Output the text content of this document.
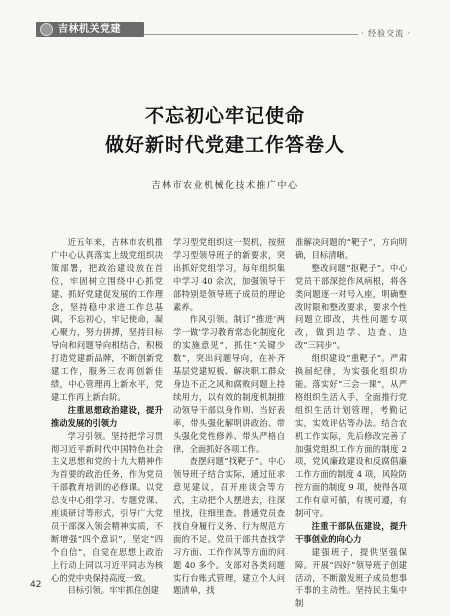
吉林机关党建	· 经验交流 ·
不忘初心牢记使命
做好新时代党建工作答卷人
吉林市农业机械化技术推广中心

近五年来，吉林市农机推广中心认真落实上级党组织决策部署，把政治建设放在首位，牢固树立围绕中心抓党建、抓好党建促发展的工作理念，坚持稳中求进工作总基调，不忘初心，牢记使命，凝心聚力，努力拼搏，坚持目标导向和问题导向相结合，积极打造党建新品牌，不断创新党建工作，服务三农再创新佳绩，中心管理再上新水平，党建工作再上新台阶。

注重思想政治建设，提升推动发展的引领力

学习引领。坚持把学习贯彻习近平新时代中国特色社会主义思想和党的十九大精神作为首要的政治任务，作为党员干部教育培训的必修课。以党总支中心组学习、专题党课、座谈研讨等形式，引导广大党员干部深入领会精神实质，不断增强“四个意识”，坚定“四个自信”，自觉在思想上政治上行动上同以习近平同志为核心的党中央保持高度一致。

目标引领。牢牢抓住创建

学习型党组织这一契机，按照学习型领导班子的新要求，突出抓好党组学习，每年组织集中学习 40 余次，加强领导干部特别是领导班子成员的理论素养。

作风引领。制订“推进‘两学一做’学习教育常态化制度化的实施意见”，抓住“关键少数”，突出问题导向，在补齐基层党建短板、解决职工群众身边不正之风和腐败问题上持续用力，以有效的制度机制推动领导干部以身作则、当好表率，带头强化解明讲政治、带头强化党性修养、带头严格自律，全面抓好各项工作。

查摆问题“找靶子”。中心领导班子结合实际，通过征求意见建议，召开座谈会等方式，主动把个人摆进去，往深里找，往细里查。普通党员查找自身履行义务、行为规范方面的不足。党员干部共查找学习方面、工作作风等方面的问题 40 多个。支部对各类问题实行台账式管理，建立个人问题清单，找

准解决问题的“靶子”，方向明确，目标清晰。

整改问题“抠靶子”。中心党员干部深挖作风病根，将各类问题逐一对号入座，明确整改时限和整改要求，要求个性问题立即改，共性问题专项改，做到边学、边查、边改“三同步”。

组织建设“重靶子”。严肃换届纪律，为实强化组织功能。落实好“三会一课”，从严格组织生活入手，全面推行党组织生活计划管理，考勤记实，实效评估等办法。结合农机工作实际，先后修改完善了加强党组织工作方面的制度 2 项，党风廉政建设和反腐倡廉工作方面的制度 4 项，风险防控方面的制度 9 项，使得各项工作有章可循，有规可遵，有制可守。

注重干部队伍建设，提升干事创业的向心力

建强班子，提供坚强保障。开展“四好”领导班子创建活动，不断激发班子成员想事干事的主动性。坚持民主集中制

42
